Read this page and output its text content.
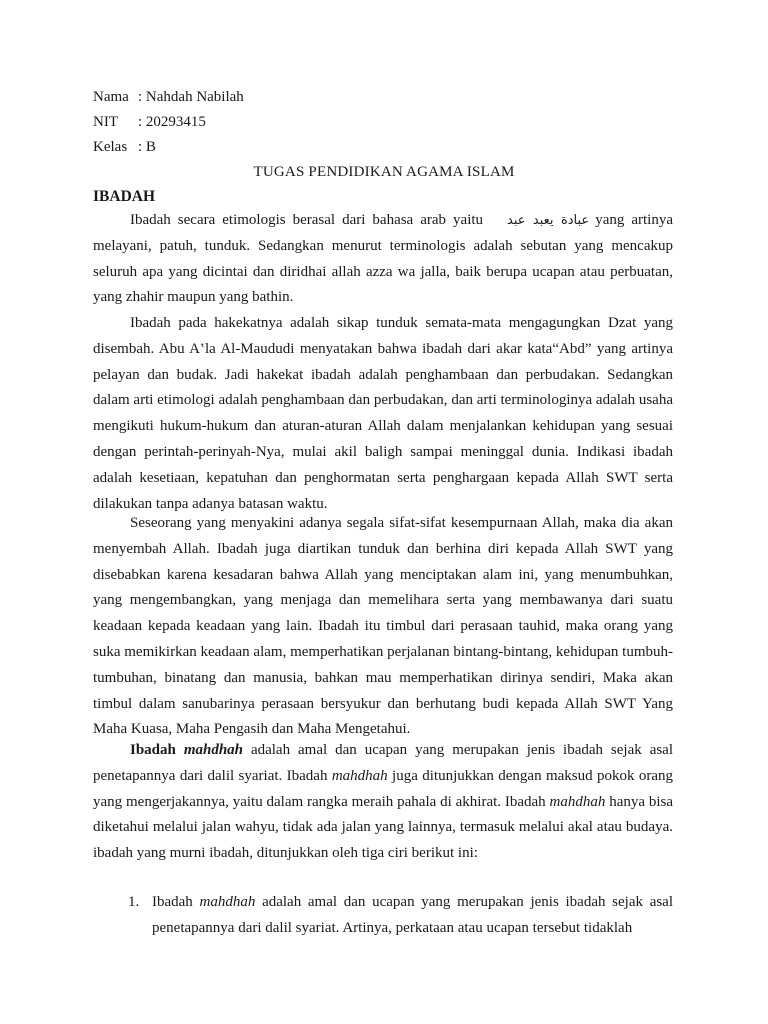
Nama : Nahdah Nabilah
NIT : 20293415
Kelas : B
TUGAS PENDIDIKAN AGAMA ISLAM
IBADAH

Ibadah secara etimologis berasal dari bahasa arab yaitu عبادة يعبد عبد yang artinya melayani, patuh, tunduk. Sedangkan menurut terminologis adalah sebutan yang mencakup seluruh apa yang dicintai dan diridhai allah azza wa jalla, baik berupa ucapan atau perbuatan, yang zhahir maupun yang bathin.

Ibadah pada hakekatnya adalah sikap tunduk semata-mata mengagungkan Dzat yang disembah. Abu A‛la Al-Maududi menyatakan bahwa ibadah dari akar kata“Abd” yang artinya pelayan dan budak. Jadi hakekat ibadah adalah penghambaan dan perbudakan. Sedangkan dalam arti etimologi adalah penghambaan dan perbudakan, dan arti terminologinya adalah usaha mengikuti hukum-hukum dan aturan-aturan Allah dalam menjalankan kehidupan yang sesuai dengan perintah-perinyah-Nya, mulai akil baligh sampai meninggal dunia. Indikasi ibadah adalah kesetiaan, kepatuhan dan penghormatan serta penghargaan kepada Allah SWT serta dilakukan tanpa adanya batasan waktu.

Seseorang yang menyakini adanya segala sifat-sifat kesempurnaan Allah, maka dia akan menyembah Allah. Ibadah juga diartikan tunduk dan berhina diri kepada Allah SWT yang disebabkan karena kesadaran bahwa Allah yang menciptakan alam ini, yang menumbuhkan, yang mengembangkan, yang menjaga dan memelihara serta yang membawanya dari suatu keadaan kepada keadaan yang lain. Ibadah itu timbul dari perasaan tauhid, maka orang yang suka memikirkan keadaan alam, memperhatikan perjalanan bintang-bintang, kehidupan tumbuh-tumbuhan, binatang dan manusia, bahkan mau memperhatikan dirinya sendiri, Maka akan timbul dalam sanubarinya perasaan bersyukur dan berhutang budi kepada Allah SWT Yang Maha Kuasa, Maha Pengasih dan Maha Mengetahui.

Ibadah mahdhah adalah amal dan ucapan yang merupakan jenis ibadah sejak asal penetapannya dari dalil syariat. Ibadah mahdhah juga ditunjukkan dengan maksud pokok orang yang mengerjakannya, yaitu dalam rangka meraih pahala di akhirat. Ibadah mahdhah hanya bisa diketahui melalui jalan wahyu, tidak ada jalan yang lainnya, termasuk melalui akal atau budaya. ibadah yang murni ibadah, ditunjukkan oleh tiga ciri berikut ini:

1. Ibadah mahdhah adalah amal dan ucapan yang merupakan jenis ibadah sejak asal penetapannya dari dalil syariat. Artinya, perkataan atau ucapan tersebut tidaklah
